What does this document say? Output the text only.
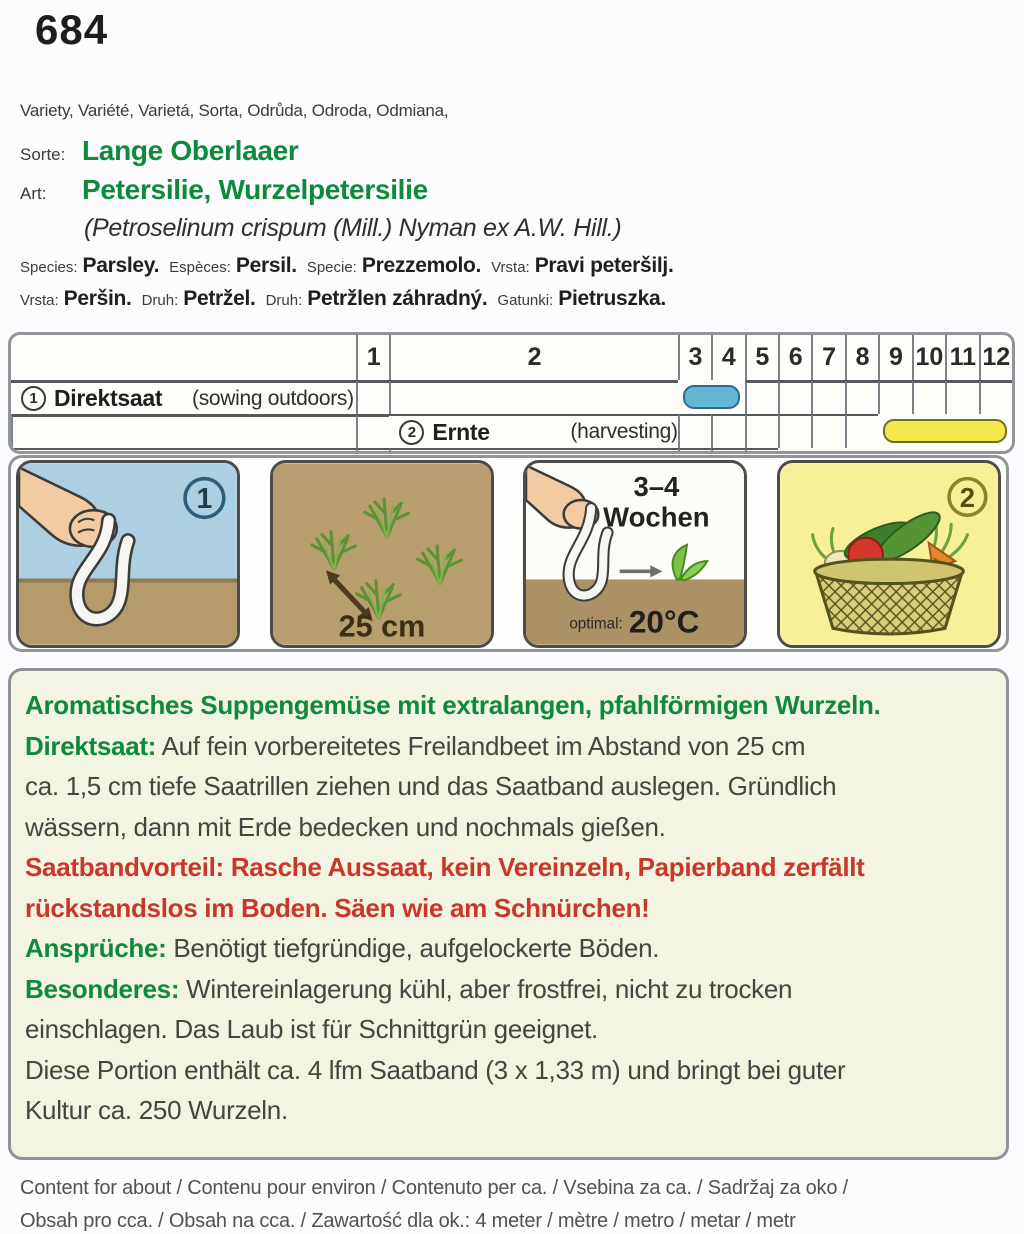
684
Variety, Variété, Varietá, Sorta, Odrůda, Odroda, Odmiana,
Sorte: Lange Oberlaaer
Art: Petersilie, Wurzelpetersilie
(Petroselinum crispum (Mill.) Nyman ex A.W. Hill.)
Species: Parsley. Espèces: Persil. Specie: Prezzemolo. Vrsta: Pravi peteršilj.
Vrsta: Peršin. Druh: Petržel. Druh: Petržlen záhradný. Gatunki: Pietruszka.
1	2	3 4 5 6 7 8 9 10 11 12
1 Direktsaat	(sowing outdoors)
2 Ernte	(harvesting)
1
25 cm
3–4
Wochen
optimal: 20°C
2
Aromatisches Suppengemüse mit extralangen, pfahlförmigen Wurzeln.
Direktsaat: Auf fein vorbereitetes Freilandbeet im Abstand von 25 cm
ca. 1,5 cm tiefe Saatrillen ziehen und das Saatband auslegen. Gründlich
wässern, dann mit Erde bedecken und nochmals gießen.
Saatbandvorteil: Rasche Aussaat, kein Vereinzeln, Papierband zerfällt
rückstandslos im Boden. Säen wie am Schnürchen!
Ansprüche: Benötigt tiefgründige, aufgelockerte Böden.
Besonderes: Wintereinlagerung kühl, aber frostfrei, nicht zu trocken
einschlagen. Das Laub ist für Schnittgrün geeignet.
Diese Portion enthält ca. 4 lfm Saatband (3 x 1,33 m) und bringt bei guter
Kultur ca. 250 Wurzeln.
Content for about / Contenu pour environ / Contenuto per ca. / Vsebina za ca. / Sadržaj za oko /
Obsah pro cca. / Obsah na cca. / Zawartość dla ok.: 4 meter / mètre / metro / metar / metr
